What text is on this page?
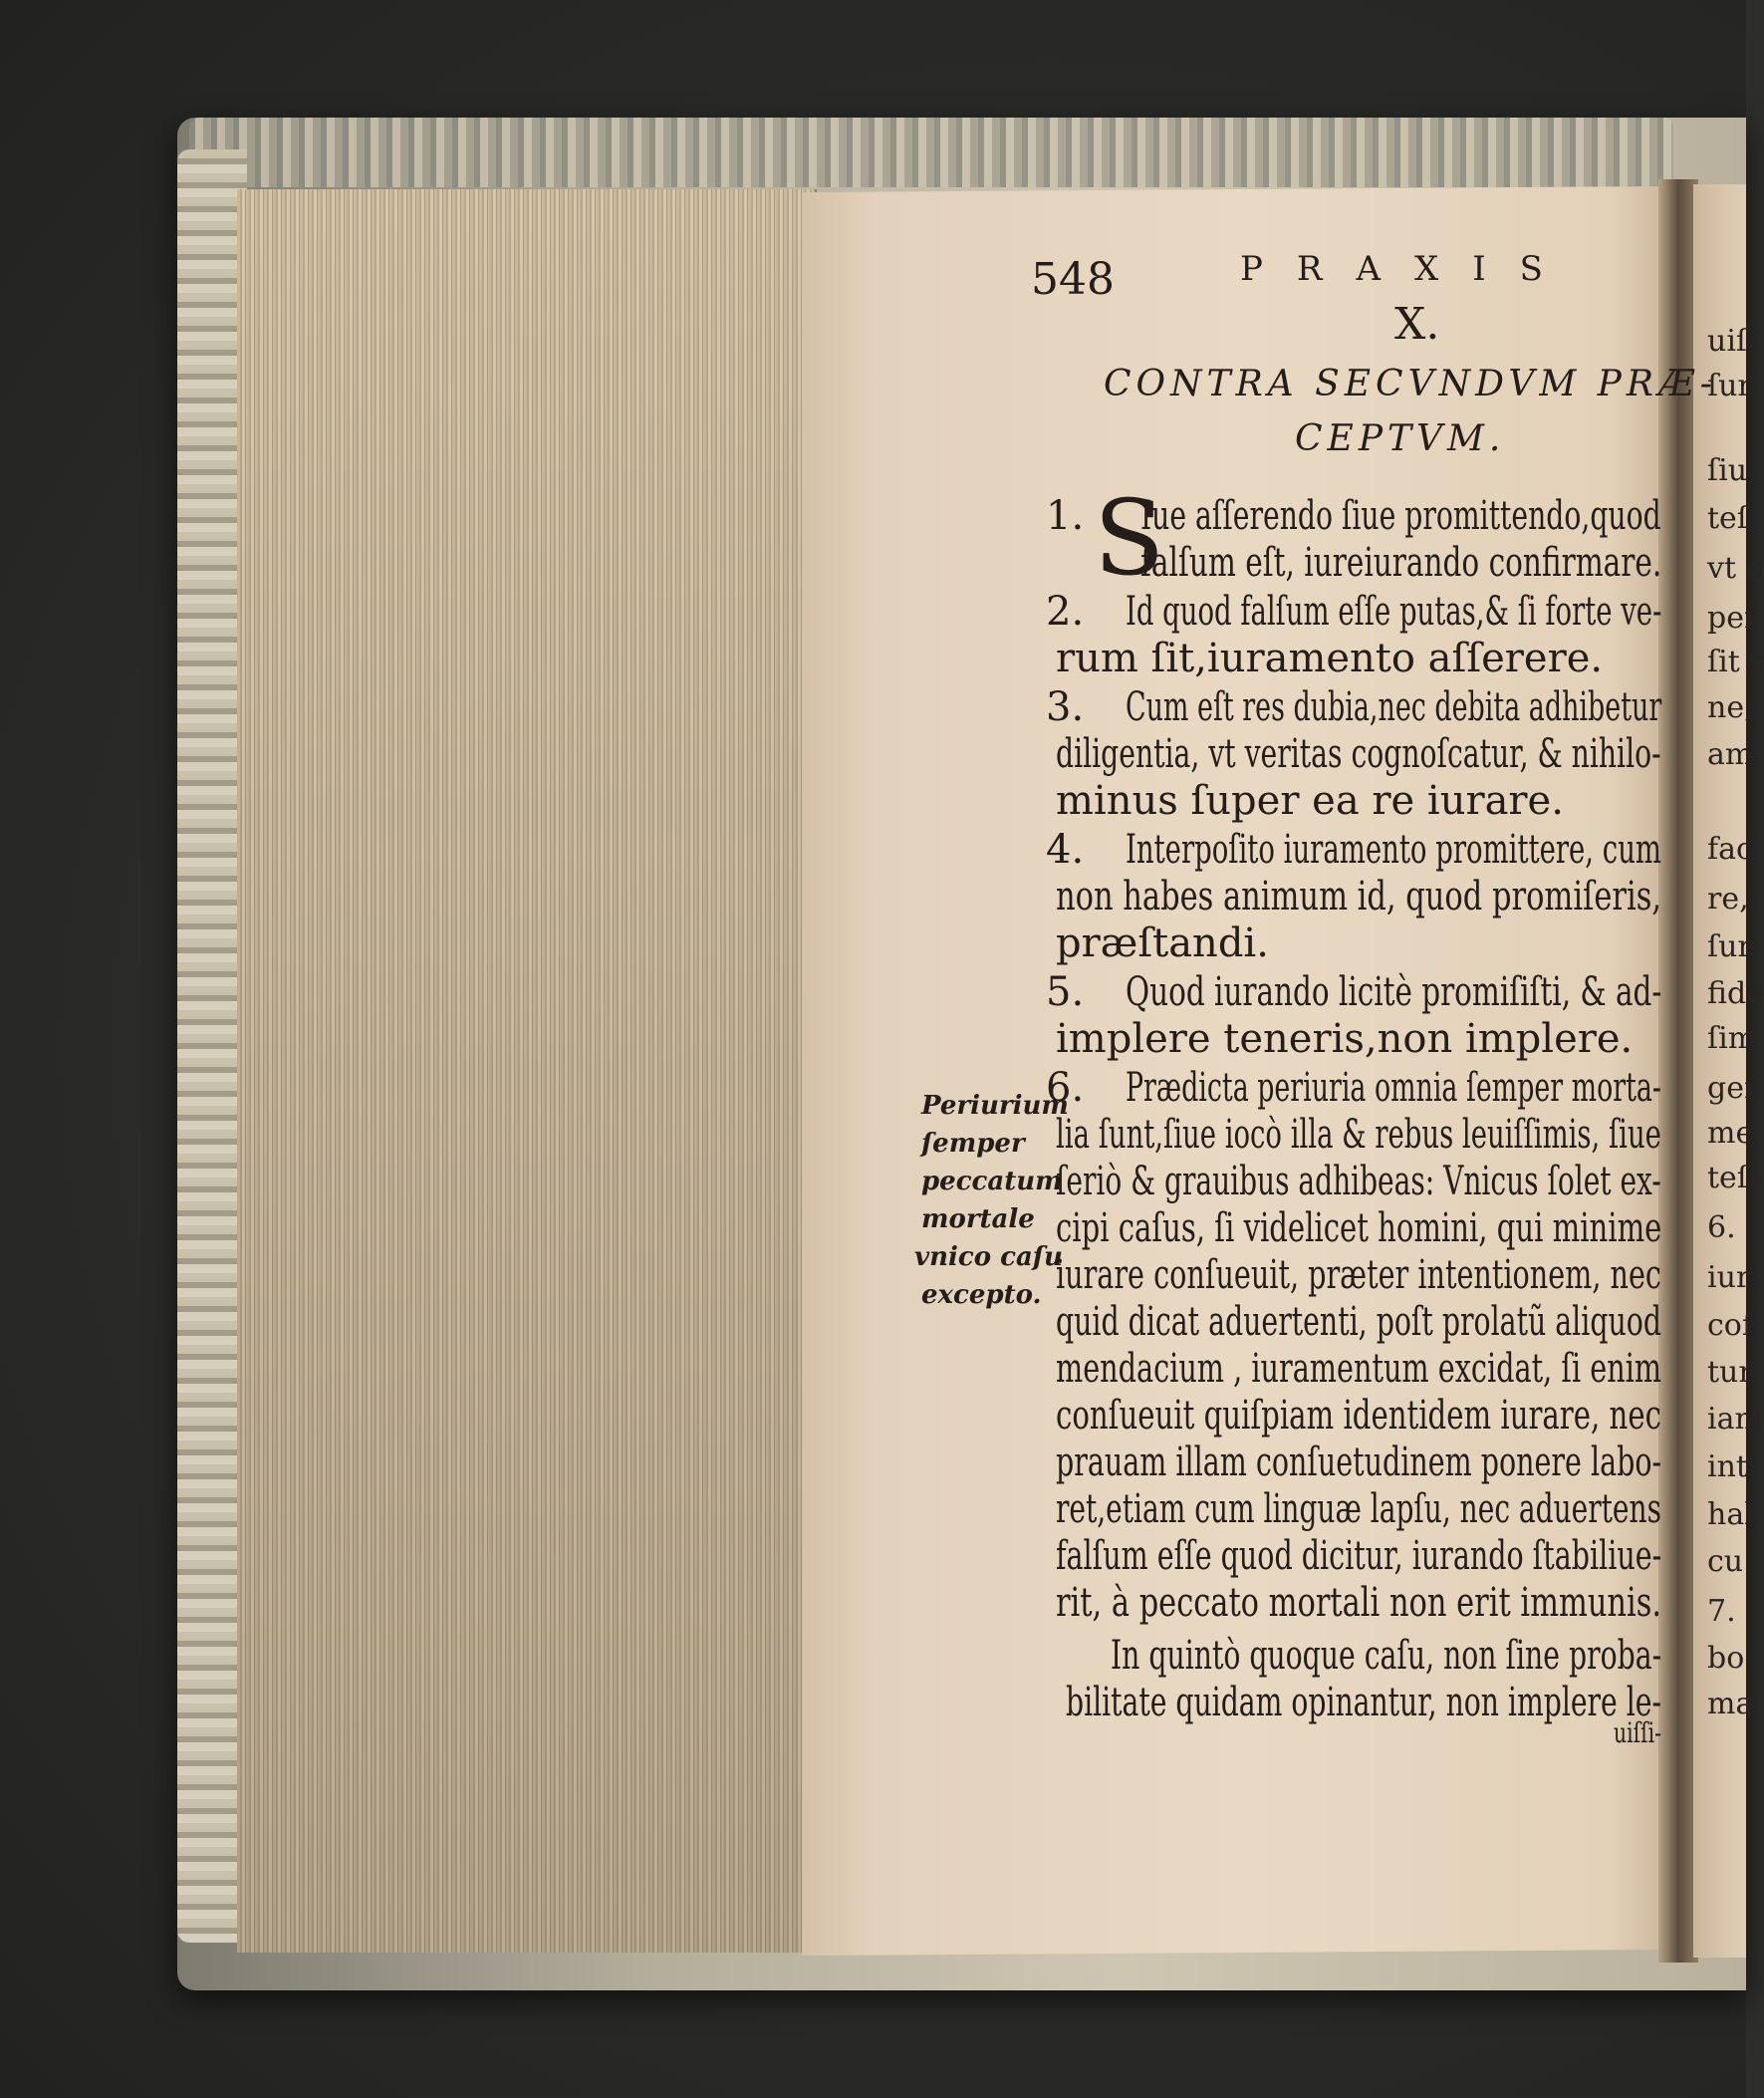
uiſ
ſur
ſiu
teſ
vt c
per
ſit r
ne,
am
fac
re,
ſur
fide
ſim
ger
me
teſt
6.
iur
coſ
tur
iam
int
hal
cu
7.
bo
ma
548	PRAXIS
X.
CONTRA SECVNDVM PRÆ-
CEPTVM.
S
1. Iue aſſerendo ſiue promittendo,quod
falſum eſt, iureiurando confirmare.
2. Id quod falſum eſſe putas,& ſi forte ve-
rum ſit,iuramento aſſerere.
3. Cum eſt res dubia,nec debita adhibetur
diligentia, vt veritas cognoſcatur, & nihilo-
minus ſuper ea re iurare.
4. Interpoſito iuramento promittere, cum
non habes animum id, quod promiſeris,
præſtandi.
5. Quod iurando licitè promiſiſti, & ad-
implere teneris,non implere.
6. Prædicta periuria omnia ſemper morta-
lia ſunt,ſiue iocò illa & rebus leuiſſimis, ſiue
ſeriò & grauibus adhibeas: Vnicus ſolet ex-
cipi caſus, ſi videlicet homini, qui minime
iurare conſueuit, præter intentionem, nec
quid dicat aduertenti, poſt prolatũ aliquod
mendacium , iuramentum excidat, ſi enim
conſueuit quiſpiam identidem iurare, nec
prauam illam conſuetudinem ponere labo-
ret,etiam cum linguæ lapſu, nec aduertens
falſum eſſe quod dicitur, iurando ſtabiliue-
rit, à peccato mortali non erit immunis.
In quintò quoque caſu, non ſine proba-
bilitate quidam opinantur, non implere le-
uiſſi-
Periurium
ſemper
peccatum
mortale
vnico caſu
excepto.
